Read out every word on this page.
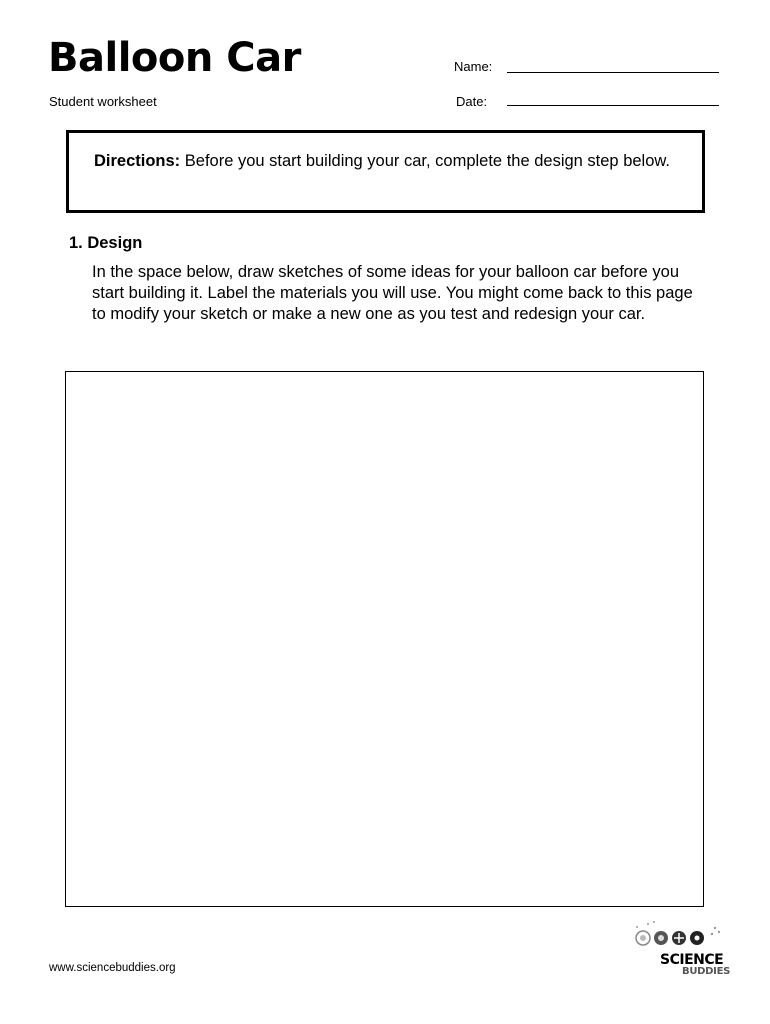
Balloon Car
Student worksheet
Name:
Date:
Directions: Before you start building your car, complete the design step below.
1. Design
In the space below, draw sketches of some ideas for your balloon car before you start building it. Label the materials you will use. You might come back to this page to modify your sketch or make a new one as you test and redesign your car.
www.sciencebuddies.org	SCIENCE
BUDDIES
